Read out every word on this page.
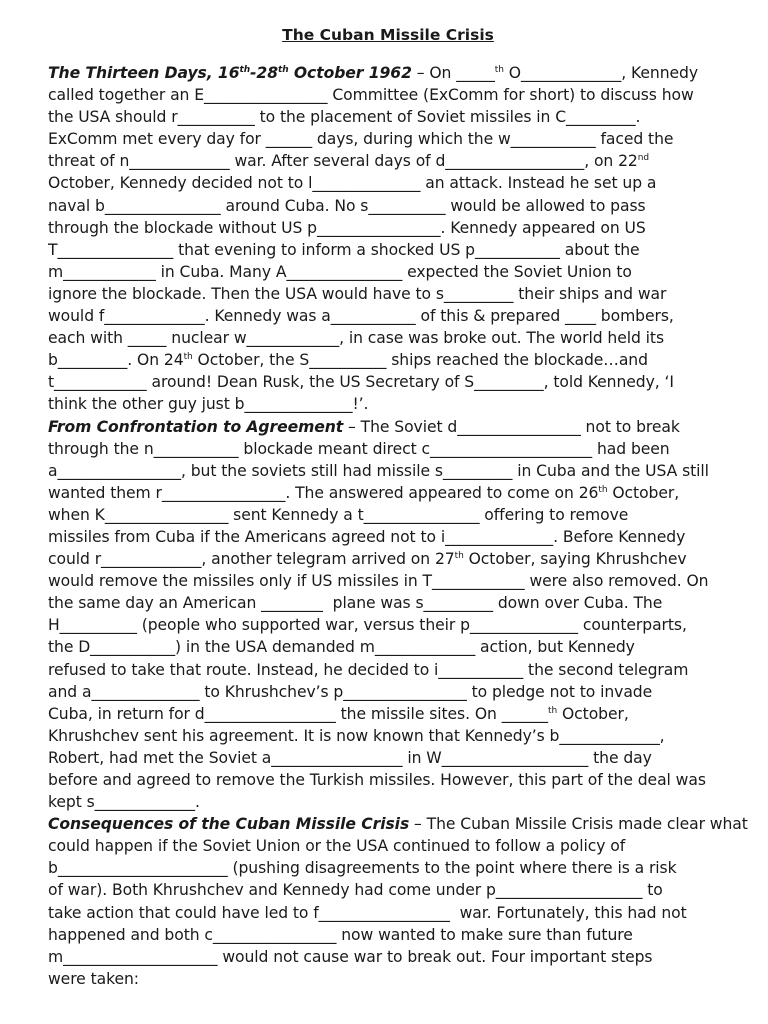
The Cuban Missile Crisis
The Thirteen Days, 16th-28th October 1962 – On _____$^{th}$ O_____________, Kennedy
called together an E________________ Committee (ExComm for short) to discuss how
the USA should r__________ to the placement of Soviet missiles in C_________.
ExComm met every day for ______ days, during which the w___________ faced the
threat of n_____________ war. After several days of d__________________, on 22nd
October, Kennedy decided not to l______________ an attack. Instead he set up a
naval b_______________ around Cuba. No s__________ would be allowed to pass
through the blockade without US p________________. Kennedy appeared on US
T_______________ that evening to inform a shocked US p___________ about the
m____________ in Cuba. Many A_______________ expected the Soviet Union to
ignore the blockade. Then the USA would have to s_________ their ships and war
would f_____________. Kennedy was a___________ of this & prepared ____ bombers,
each with _____ nuclear w____________, in case was broke out. The world held its
b_________. On 24th October, the S__________ ships reached the blockade…and
t____________ around! Dean Rusk, the US Secretary of S_________, told Kennedy, ‘I
think the other guy just b______________!’.
From Confrontation to Agreement – The Soviet d________________ not to break
through the n___________ blockade meant direct c_____________________ had been
a________________, but the soviets still had missile s_________ in Cuba and the USA still
wanted them r________________. The answered appeared to come on 26th October,
when K________________ sent Kennedy a t_______________ offering to remove
missiles from Cuba if the Americans agreed not to i______________. Before Kennedy
could r_____________, another telegram arrived on 27th October, saying Khrushchev
would remove the missiles only if US missiles in T____________ were also removed. On
the same day an American ________  plane was s_________ down over Cuba. The
H__________ (people who supported war, versus their p______________ counterparts,
the D___________) in the USA demanded m_____________ action, but Kennedy
refused to take that route. Instead, he decided to i___________ the second telegram
and a______________ to Khrushchev’s p________________ to pledge not to invade
Cuba, in return for d_________________ the missile sites. On ______$^{th}$ October,
Khrushchev sent his agreement. It is now known that Kennedy’s b_____________,
Robert, had met the Soviet a_________________ in W___________________ the day
before and agreed to remove the Turkish missiles. However, this part of the deal was
kept s_____________.
Consequences of the Cuban Missile Crisis – The Cuban Missile Crisis made clear what
could happen if the Soviet Union or the USA continued to follow a policy of
b______________________ (pushing disagreements to the point where there is a risk
of war). Both Khrushchev and Kennedy had come under p___________________ to
take action that could have led to f_________________  war. Fortunately, this had not
happened and both c________________ now wanted to make sure than future
m____________________ would not cause war to break out. Four important steps
were taken:
